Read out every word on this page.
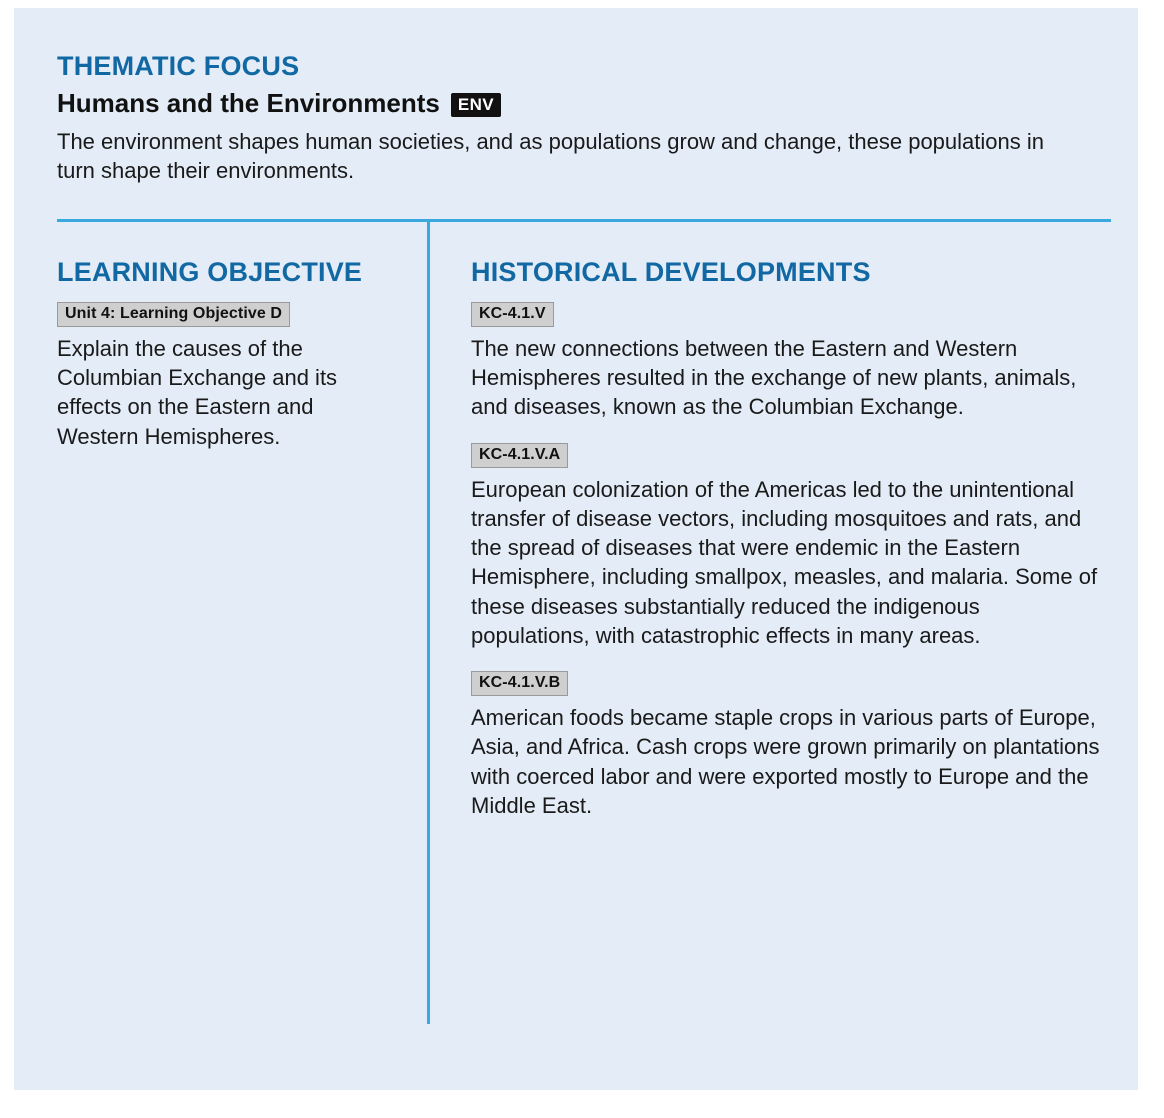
THEMATIC FOCUS
Humans and the Environments	ENV
The environment shapes human societies, and as populations grow and change, these populations in turn shape their environments.
LEARNING OBJECTIVE
Unit 4: Learning Objective D
Explain the causes of the Columbian Exchange and its effects on the Eastern and Western Hemispheres.
HISTORICAL DEVELOPMENTS
KC-4.1.V
The new connections between the Eastern and Western Hemispheres resulted in the exchange of new plants, animals, and diseases, known as the Columbian Exchange.
KC-4.1.V.A
European colonization of the Americas led to the unintentional transfer of disease vectors, including mosquitoes and rats, and the spread of diseases that were endemic in the Eastern Hemisphere, including smallpox, measles, and malaria. Some of these diseases substantially reduced the indigenous populations, with catastrophic effects in many areas.
KC-4.1.V.B
American foods became staple crops in various parts of Europe, Asia, and Africa. Cash crops were grown primarily on plantations with coerced labor and were exported mostly to Europe and the Middle East.
